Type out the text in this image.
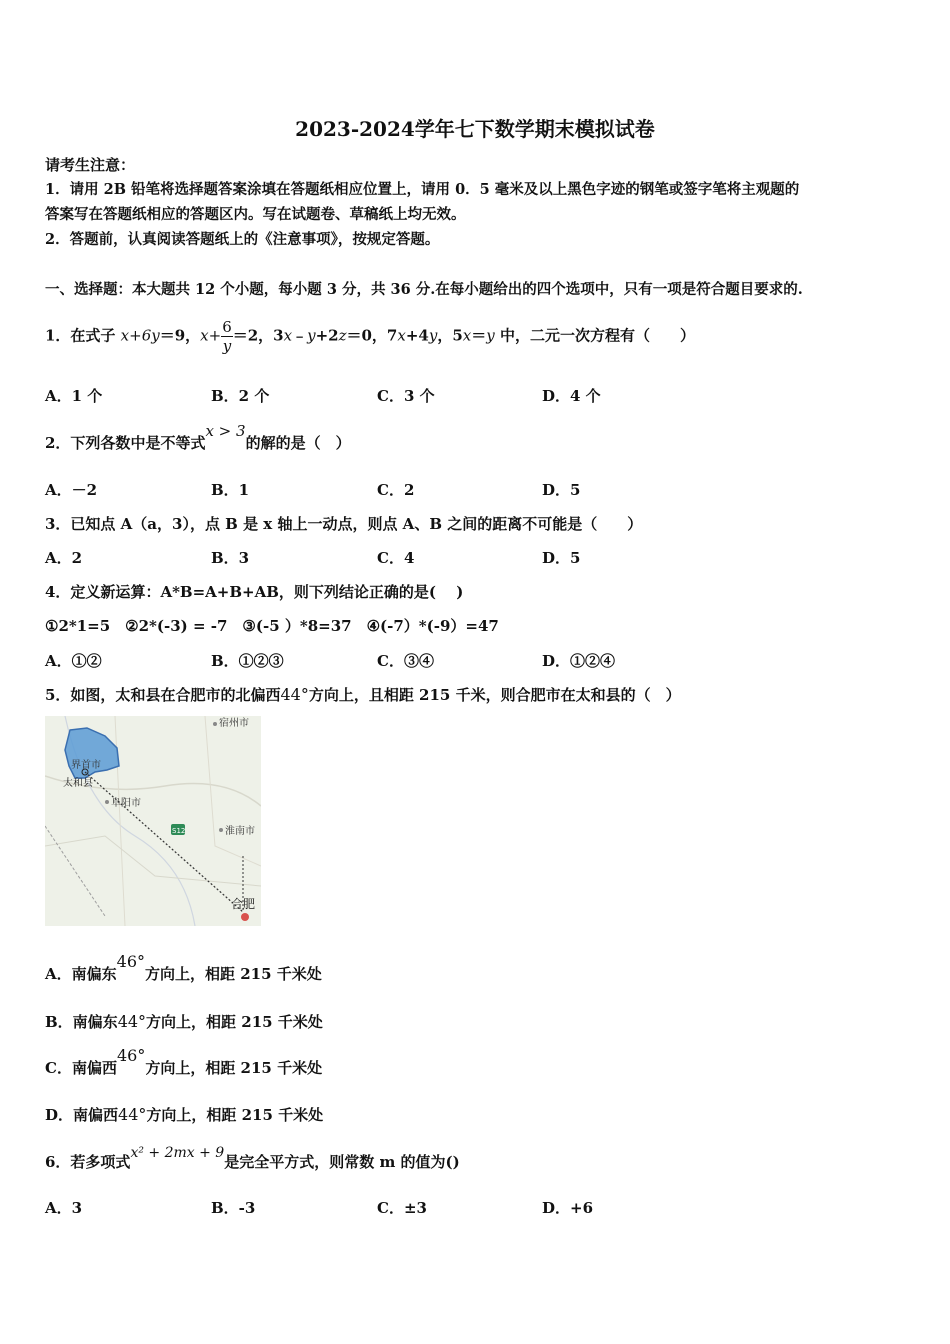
2023-2024学年七下数学期末模拟试卷
请考生注意：
1．请用 2B 铅笔将选择题答案涂填在答题纸相应位置上，请用 0．5 毫米及以上黑色字迹的钢笔或签字笔将主观题的
答案写在答题纸相应的答题区内。写在试题卷、草稿纸上均无效。
2．答题前，认真阅读答题纸上的《注意事项》，按规定答题。
一、选择题：本大题共 12 个小题，每小题 3 分，共 36 分.在每小题给出的四个选项中，只有一项是符合题目要求的.
1．在式子 x+6y＝9，$x+ \frac{6}{y} =2$，3x﹣y+2z＝0，7x+4y，5x＝y 中，二元一次方程有（　　）
A．1 个	B．2 个	C．3 个	D．4 个
2．下列各数中是不等式x > 3的解的是（　）
A．－2	B．1	C．2	D．5
3．已知点 A（a，3），点 B 是 x 轴上一动点，则点 A、B 之间的距离不可能是（　　）
A．2	B．3	C．4	D．5
4．定义新运算：A*B=A+B+AB，则下列结论正确的是(　 )
①2*1=5　②2*(-3) = -7　③(-5 ）*8=37　④(-7）*(-9）=47
A．①②	B．①②③	C．③④	D．①②④
5．如图，太和县在合肥市的北偏西44°方向上，且相距 215 千米，则合肥市在太和县的（　）
宿州市
界首市
太和县
阜阳市
S12	淮南市
合肥
A．南偏东46°方向上，相距 215 千米处
B．南偏东44°方向上，相距 215 千米处
C．南偏西46°方向上，相距 215 千米处
D．南偏西44°方向上，相距 215 千米处
6．若多项式x² + 2mx + 9是完全平方式，则常数 m 的值为()
A．3	B．-3	C．±3	D．+6
